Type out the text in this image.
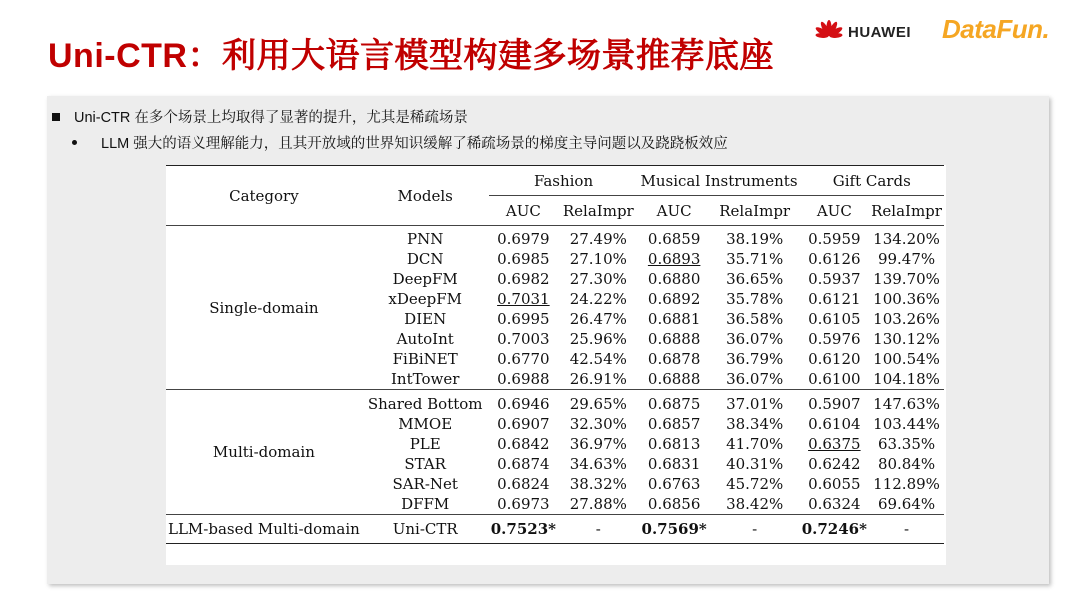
Uni-CTR：利用大语言模型构建多场景推荐底座
HUAWEI DataFun.
Uni-CTR 在多个场景上均取得了显著的提升，尤其是稀疏场景
LLM 强大的语义理解能力，且其开放域的世界知识缓解了稀疏场景的梯度主导问题以及跷跷板效应
Category	Models	Fashion		Musical Instruments		Gift Cards	
		AUC	RelaImpr	AUC	RelaImpr	AUC	RelaImpr
Single-domain	PNN	0.6979	27.49%	0.6859	38.19%	0.5959	134.20%
	DCN	0.6985	27.10%	0.6893	35.71%	0.6126	99.47%
	DeepFM	0.6982	27.30%	0.6880	36.65%	0.5937	139.70%
	xDeepFM	0.7031	24.22%	0.6892	35.78%	0.6121	100.36%
	DIEN	0.6995	26.47%	0.6881	36.58%	0.6105	103.26%
	AutoInt	0.7003	25.96%	0.6888	36.07%	0.5976	130.12%
	FiBiNET	0.6770	42.54%	0.6878	36.79%	0.6120	100.54%
	IntTower	0.6988	26.91%	0.6888	36.07%	0.6100	104.18%
Multi-domain	Shared Bottom	0.6946	29.65%	0.6875	37.01%	0.5907	147.63%
	MMOE	0.6907	32.30%	0.6857	38.34%	0.6104	103.44%
	PLE	0.6842	36.97%	0.6813	41.70%	0.6375	63.35%
	STAR	0.6874	34.63%	0.6831	40.31%	0.6242	80.84%
	SAR-Net	0.6824	38.32%	0.6763	45.72%	0.6055	112.89%
	DFFM	0.6973	27.88%	0.6856	38.42%	0.6324	69.64%
LLM-based Multi-domain	Uni-CTR	0.7523*	-	0.7569*	-	0.7246*	-
